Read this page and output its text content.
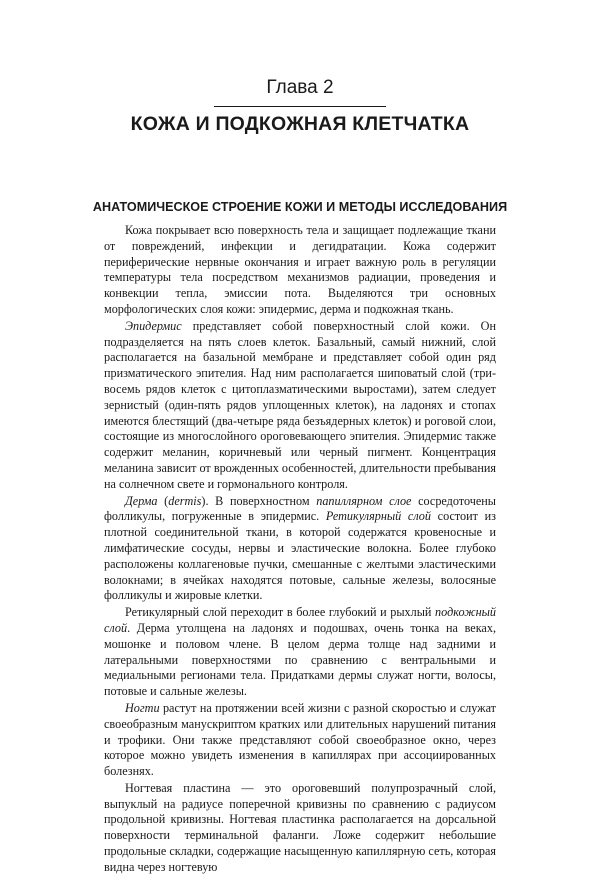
Глава 2
КОЖА И ПОДКОЖНАЯ КЛЕТЧАТКА
АНАТОМИЧЕСКОЕ СТРОЕНИЕ КОЖИ И МЕТОДЫ ИССЛЕДОВАНИЯ

Кожа покрывает всю поверхность тела и защищает подлежащие ткани от повреждений, инфекции и дегидратации. Кожа содержит периферические нервные окончания и играет важную роль в регуляции температуры тела посредством механизмов радиации, проведения и конвекции тепла, эмиссии пота. Выделяются три основных морфологических слоя кожи: эпидермис, дерма и подкожная ткань.

Эпидермис представляет собой поверхностный слой кожи. Он подразделяется на пять слоев клеток. Базальный, самый нижний, слой располагается на базальной мембране и представляет собой один ряд призматического эпителия. Над ним располагается шиповатый слой (три-восемь рядов клеток с цитоплазматическими выростами), затем следует зернистый (один-пять рядов уплощенных клеток), на ладонях и стопах имеются блестящий (два-четыре ряда безъядерных клеток) и роговой слои, состоящие из многослойного ороговевающего эпителия. Эпидермис также содержит меланин, коричневый или черный пигмент. Концентрация меланина зависит от врожденных особенностей, длительности пребывания на солнечном свете и гормонального контроля.

Дерма (dermis). В поверхностном папиллярном слое сосредоточены фолликулы, погруженные в эпидермис. Ретикулярный слой состоит из плотной соединительной ткани, в которой содержатся кровеносные и лимфатические сосуды, нервы и эластические волокна. Более глубоко расположены коллагеновые пучки, смешанные с желтыми эластическими волокнами; в ячейках находятся потовые, сальные железы, волосяные фолликулы и жировые клетки.

Ретикулярный слой переходит в более глубокий и рыхлый подкожный слой. Дерма утолщена на ладонях и подошвах, очень тонка на веках, мошонке и половом члене. В целом дерма толще над задними и латеральными поверхностями по сравнению с вентральными и медиальными регионами тела. Придатками дермы служат ногти, волосы, потовые и сальные железы.

Ногти растут на протяжении всей жизни с разной скоростью и служат своеобразным манускриптом кратких или длительных нарушений питания и трофики. Они также представляют собой своеобразное окно, через которое можно увидеть изменения в капиллярах при ассоциированных болезнях.

Ногтевая пластина — это ороговевший полупрозрачный слой, выпуклый на радиусе поперечной кривизны по сравнению с радиусом продольной кривизны. Ногтевая пластинка располагается на дорсальной поверхности терминальной фаланги. Ложе содержит небольшие продольные складки, содержащие насыщенную капиллярную сеть, которая видна через ногтевую
